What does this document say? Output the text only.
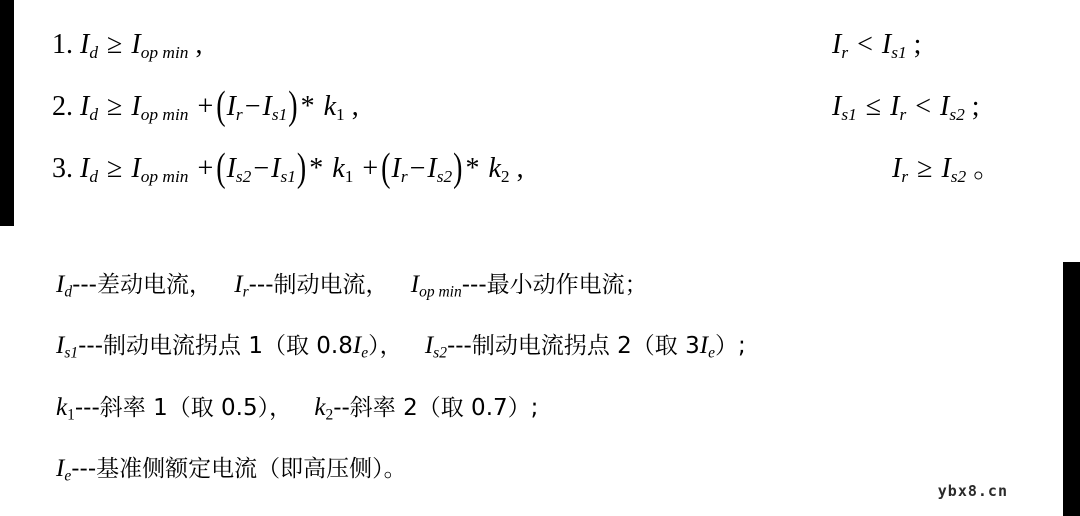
1. $I_d \ge I_{op min}$ ,	$I_r < I_{s1}$ ;
2. $I_d \ge I_{op min} + (I_r-I_{s1}) * k_1$ ,	$I_{s1} \le I_r < I_{s2}$ ;
3. $I_d \ge I_{op min} + (I_{s2}-I_{s1}) * k_1 + (I_r-I_{s2}) * k_2$ ,	$I_r \ge I_{s2}$ 。
$I_d---$差动电流， $I_r---$制动电流， $I_{op min}---$最小动作电流；
$I_{s1}---$制动电流拐点 1（取 $0.8I_e$）， $I_{s2}---$制动电流拐点 2（取 $3I_e$）;
$k_1---$斜率 1（取 0.5）， $k_2--$斜率 2（取 0.7）;
$I_e---$基准侧额定电流（即高压侧）。
ybx8.cn
